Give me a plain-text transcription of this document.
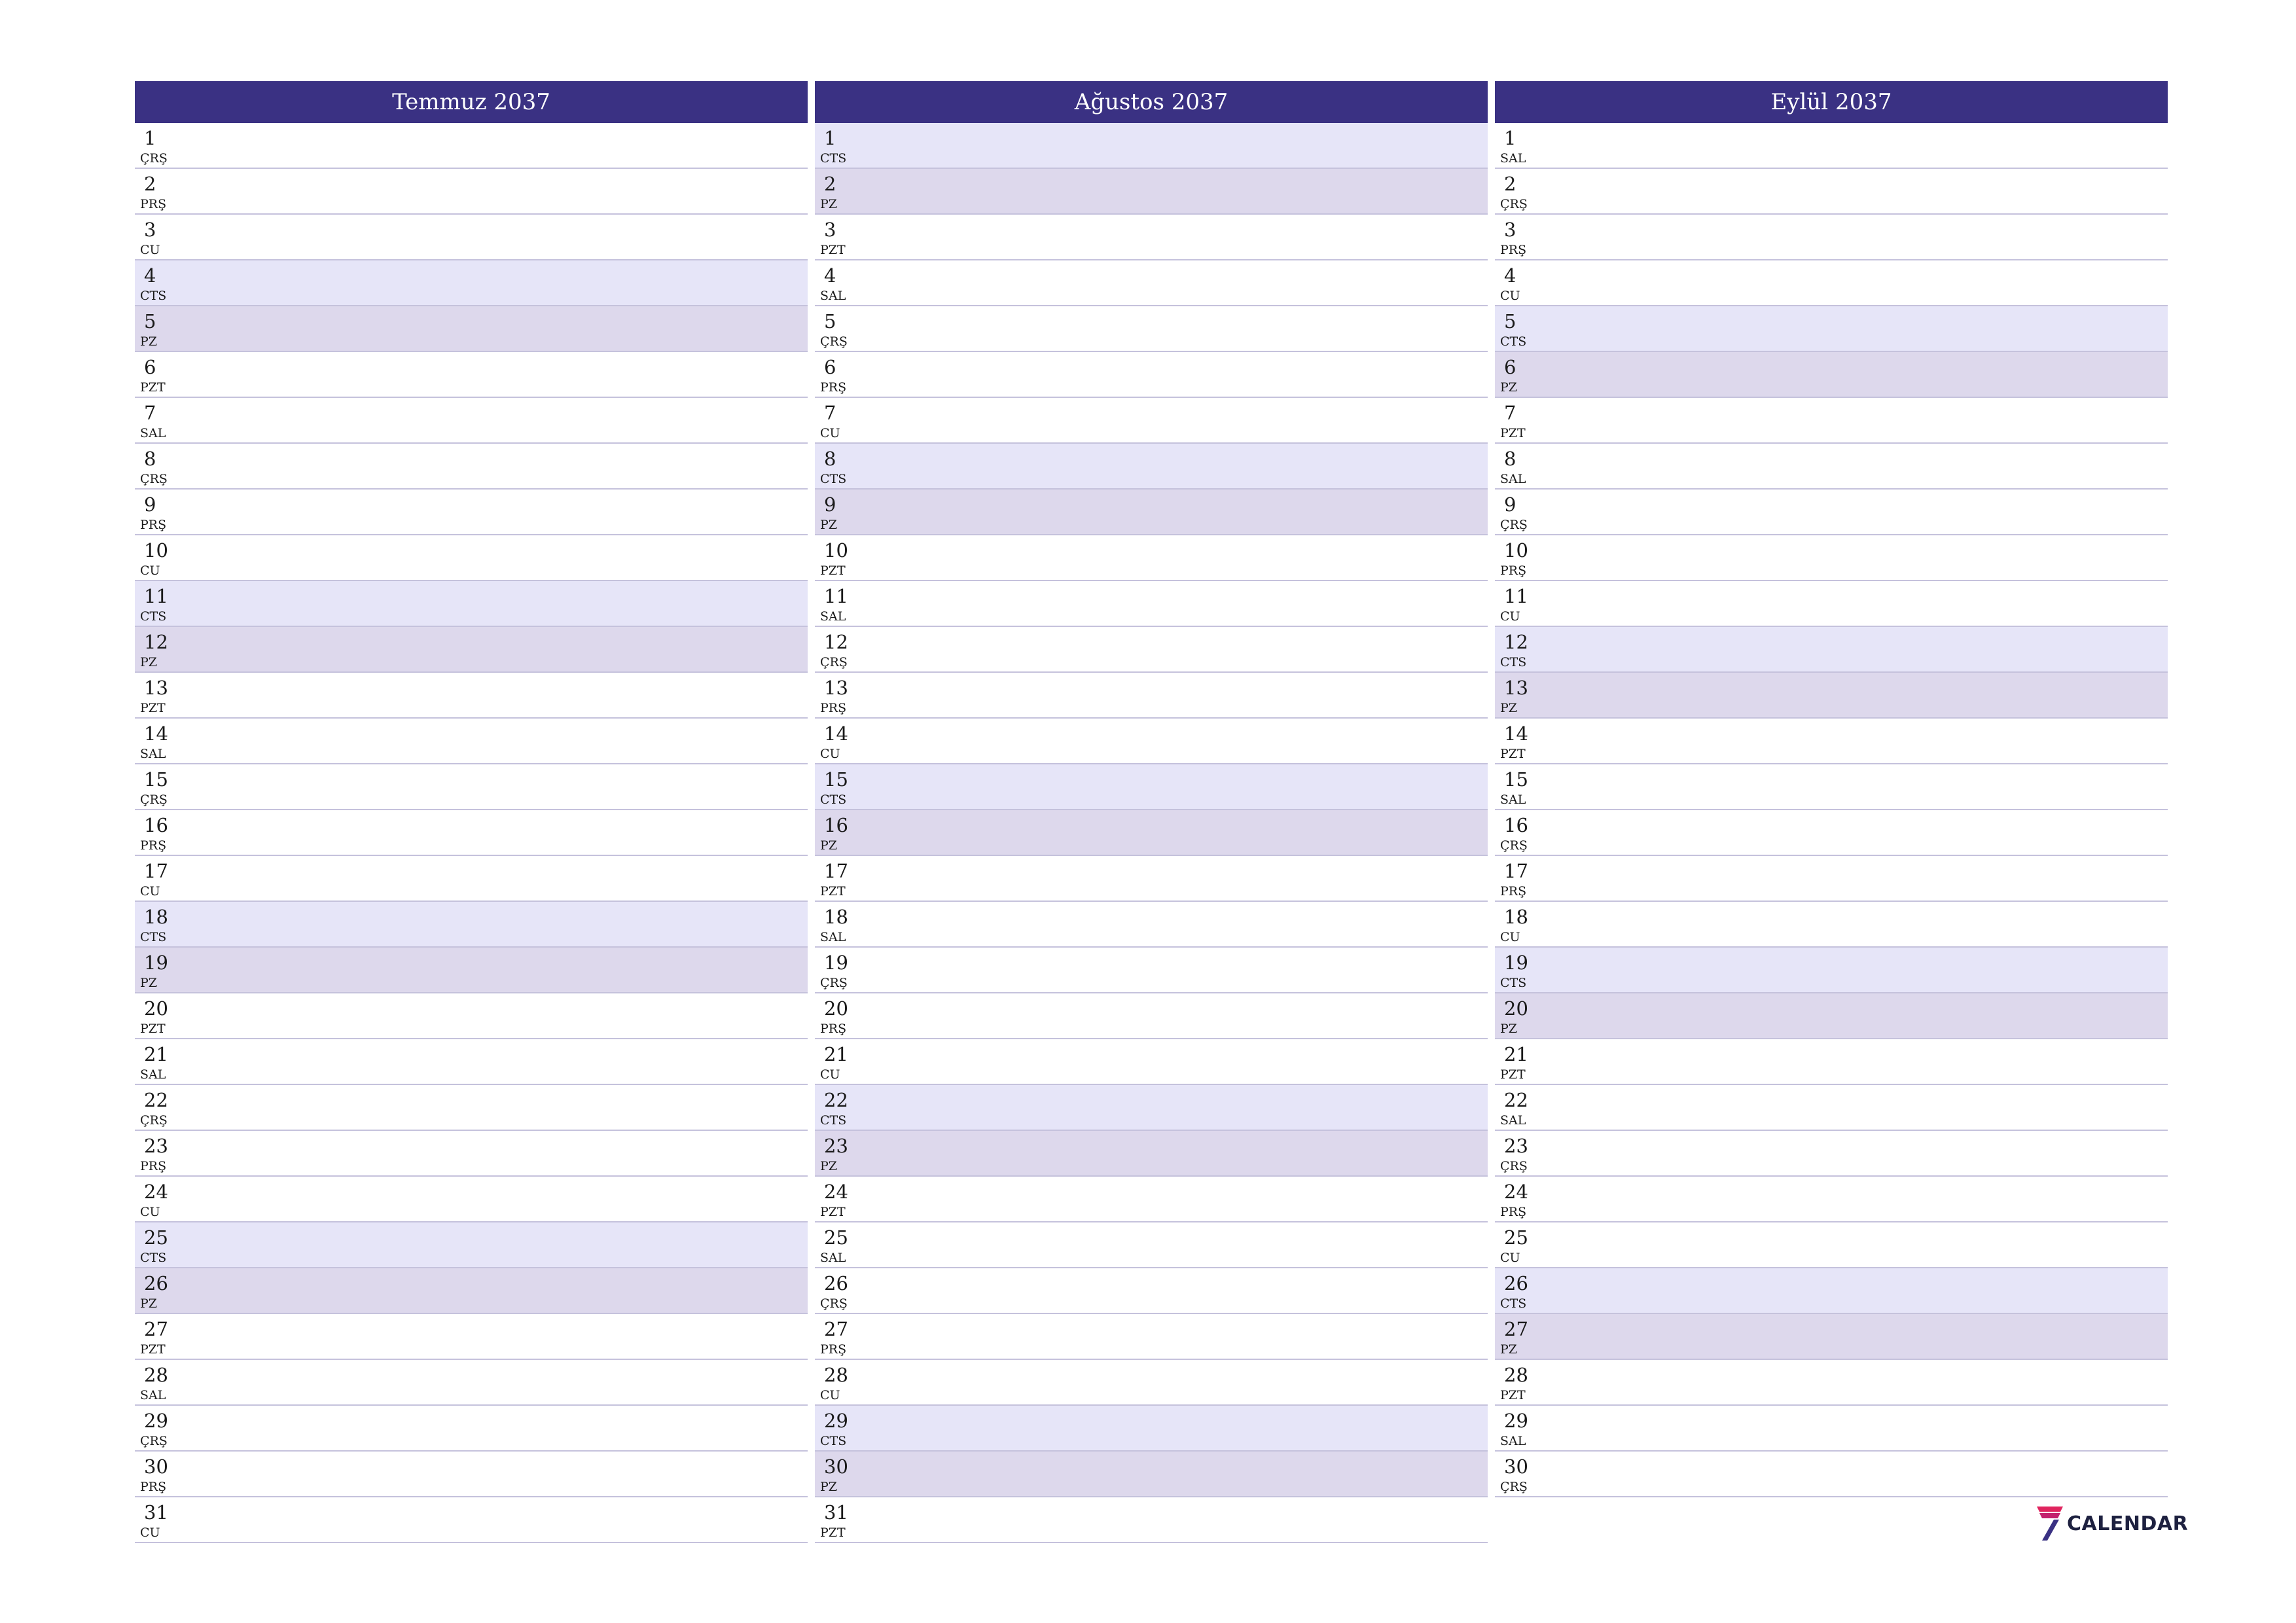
Temmuz 2037
1
ÇRŞ
2
PRŞ
3
CU
4
CTS
5
PZ
6
PZT
7
SAL
8
ÇRŞ
9
PRŞ
10
CU
11
CTS
12
PZ
13
PZT
14
SAL
15
ÇRŞ
16
PRŞ
17
CU
18
CTS
19
PZ
20
PZT
21
SAL
22
ÇRŞ
23
PRŞ
24
CU
25
CTS
26
PZ
27
PZT
28
SAL
29
ÇRŞ
30
PRŞ
31
CU
Ağustos 2037
1
CTS
2
PZ
3
PZT
4
SAL
5
ÇRŞ
6
PRŞ
7
CU
8
CTS
9
PZ
10
PZT
11
SAL
12
ÇRŞ
13
PRŞ
14
CU
15
CTS
16
PZ
17
PZT
18
SAL
19
ÇRŞ
20
PRŞ
21
CU
22
CTS
23
PZ
24
PZT
25
SAL
26
ÇRŞ
27
PRŞ
28
CU
29
CTS
30
PZ
31
PZT
Eylül 2037
1
SAL
2
ÇRŞ
3
PRŞ
4
CU
5
CTS
6
PZ
7
PZT
8
SAL
9
ÇRŞ
10
PRŞ
11
CU
12
CTS
13
PZ
14
PZT
15
SAL
16
ÇRŞ
17
PRŞ
18
CU
19
CTS
20
PZ
21
PZT
22
SAL
23
ÇRŞ
24
PRŞ
25
CU
26
CTS
27
PZ
28
PZT
29
SAL
30
ÇRŞ
CALENDAR
